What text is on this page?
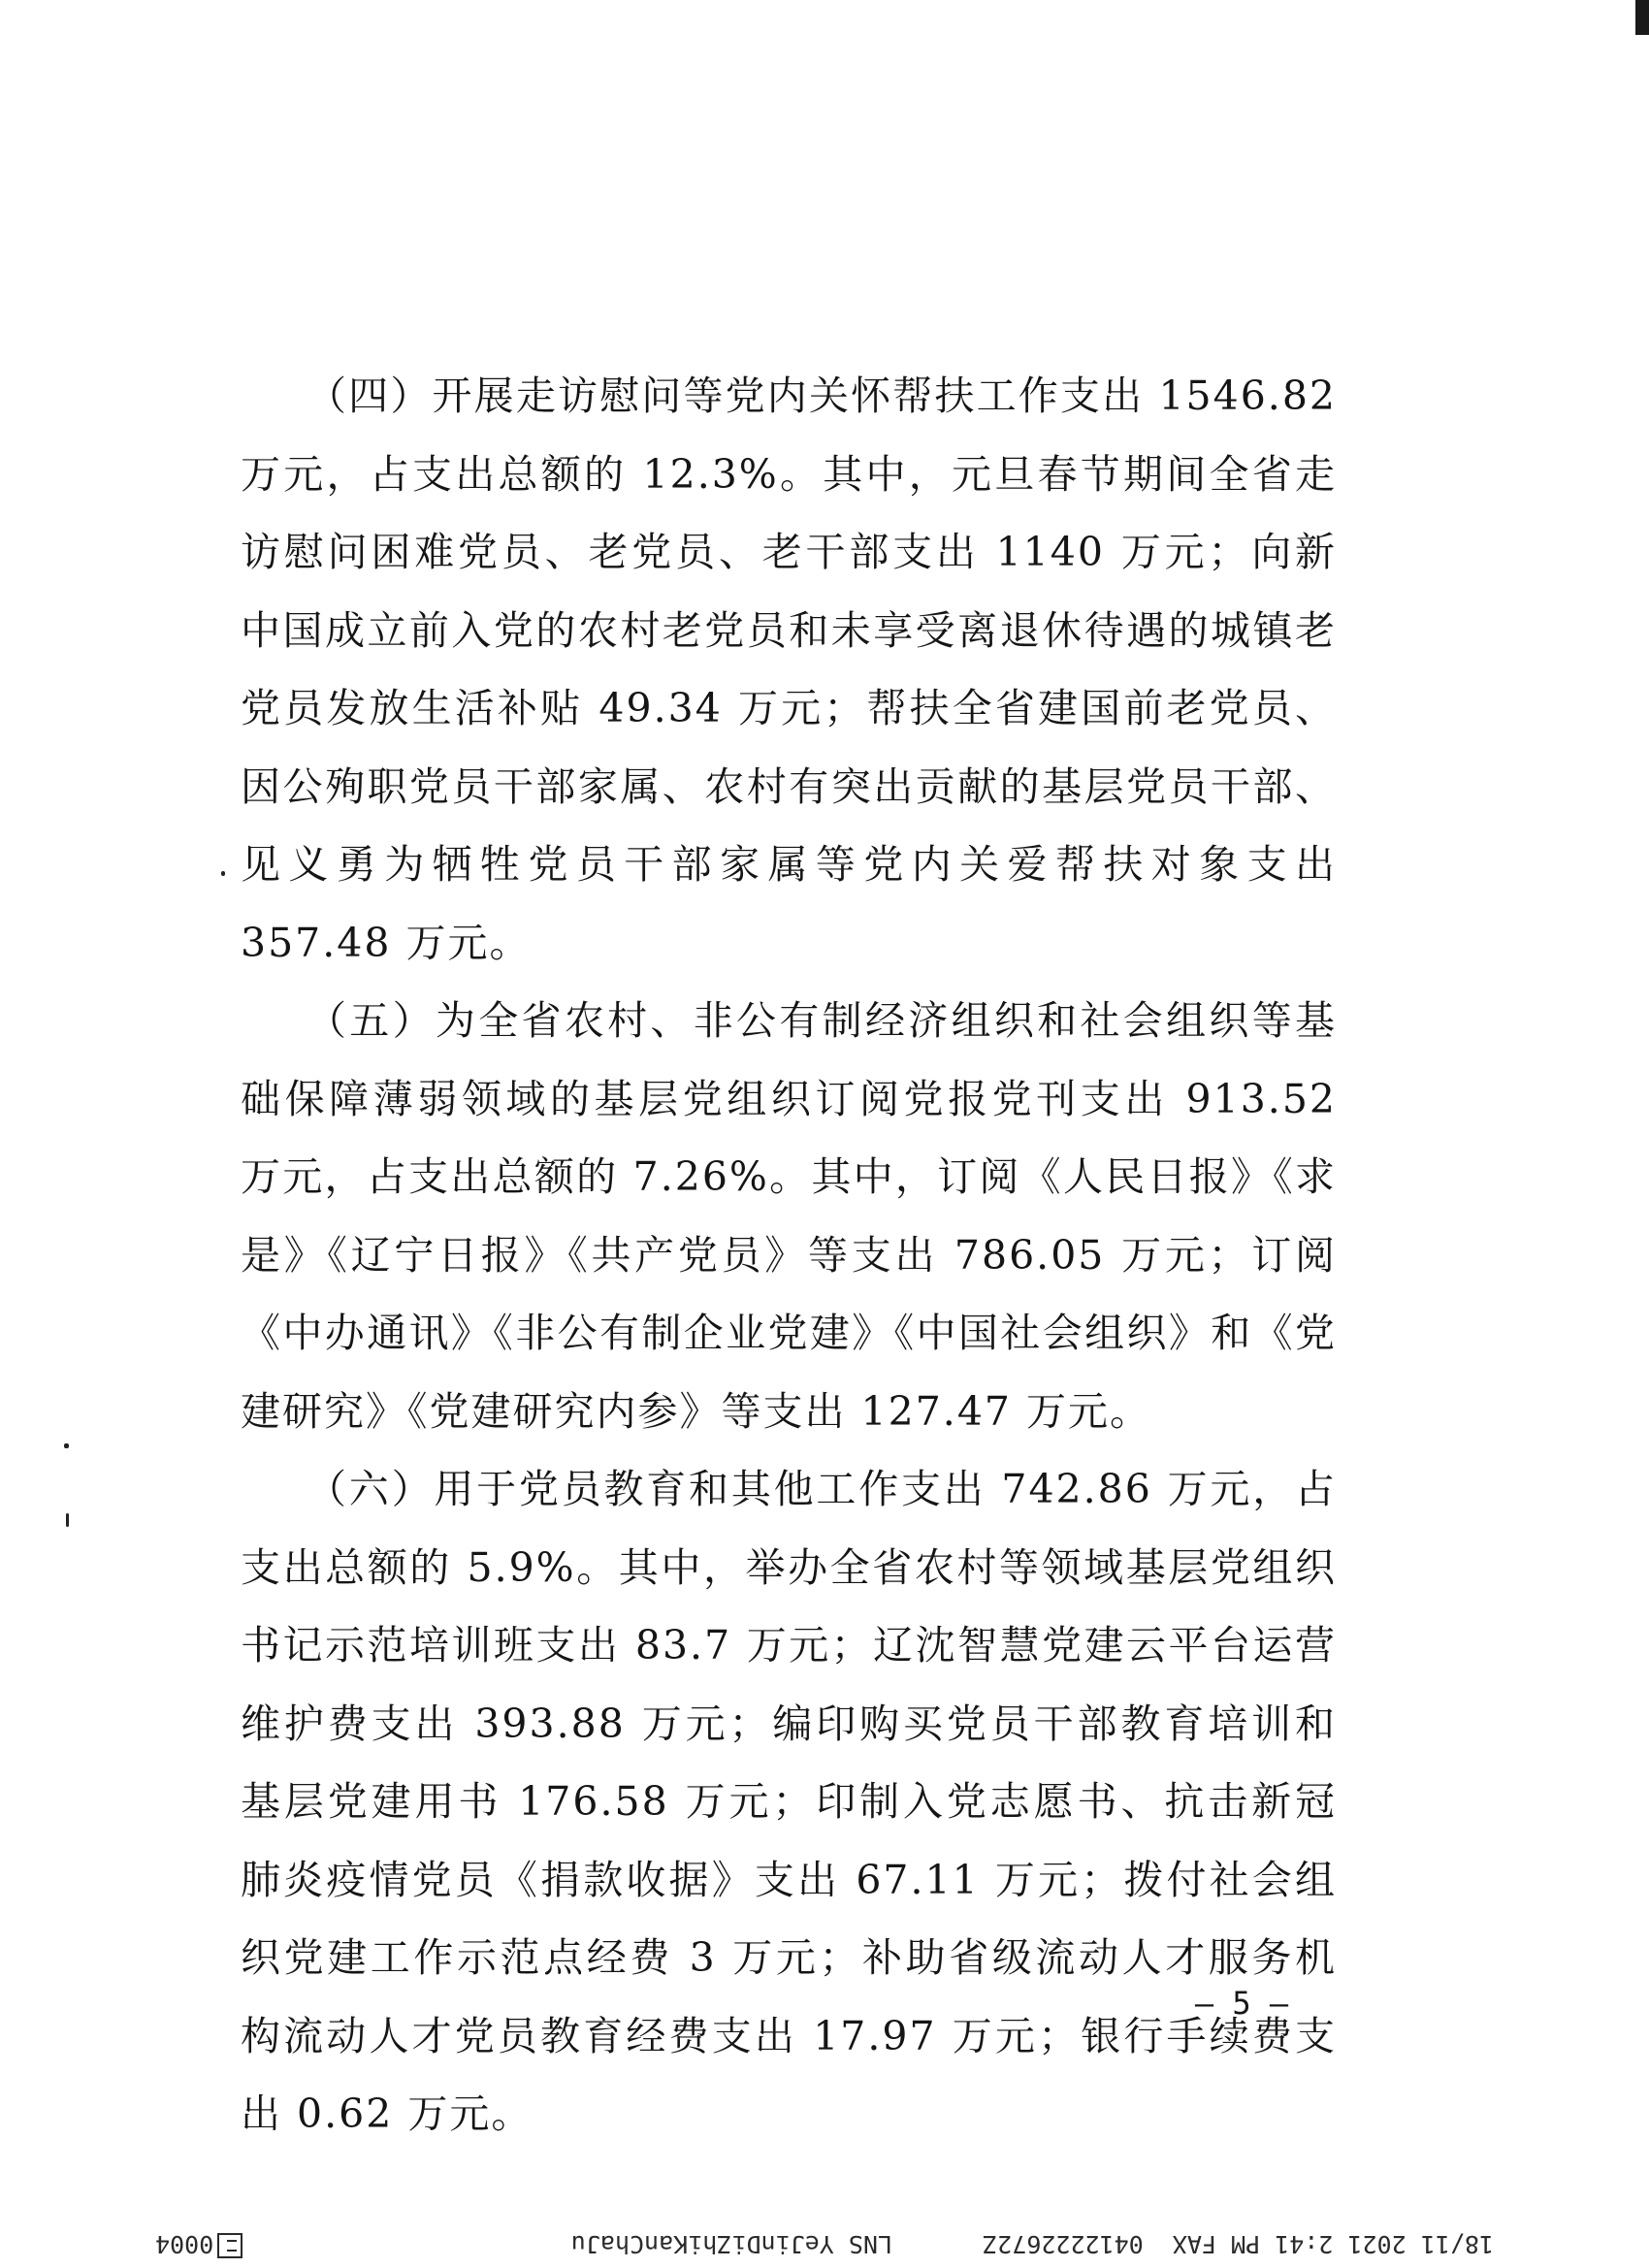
（四）开展走访慰问等党内关怀帮扶工作支出 1546.82 万元，占支出总额的 12.3%。其中，元旦春节期间全省走访慰问困难党员、老党员、老干部支出 1140 万元；向新中国成立前入党的农村老党员和未享受离退休待遇的城镇老党员发放生活补贴 49.34 万元；帮扶全省建国前老党员、因公殉职党员干部家属、农村有突出贡献的基层党员干部、见义勇为牺牲党员干部家属等党内关爱帮扶对象支出 357.48 万元。

（五）为全省农村、非公有制经济组织和社会组织等基础保障薄弱领域的基层党组织订阅党报党刊支出 913.52 万元，占支出总额的 7.26%。其中，订阅《人民日报》《求是》《辽宁日报》《共产党员》等支出 786.05 万元；订阅《中办通讯》《非公有制企业党建》《中国社会组织》和《党建研究》《党建研究内参》等支出 127.47 万元。

（六）用于党员教育和其他工作支出 742.86 万元，占支出总额的 5.9%。其中，举办全省农村等领域基层党组织书记示范培训班支出 83.7 万元；辽沈智慧党建云平台运营维护费支出 393.88 万元；编印购买党员干部教育培训和基层党建用书 176.58 万元；印制入党志愿书、抗击新冠肺炎疫情党员《捐款收据》支出 67.11 万元；拨付社会组织党建工作示范点经费 3 万元；补助省级流动人才服务机构流动人才党员教育经费支出 17.97 万元；银行手续费支出 0.62 万元。

— 5 —
18/11 2021 2:41 PM FAX  0412222672Z
LNS YeJinDiZhiKanChaJu
0004
